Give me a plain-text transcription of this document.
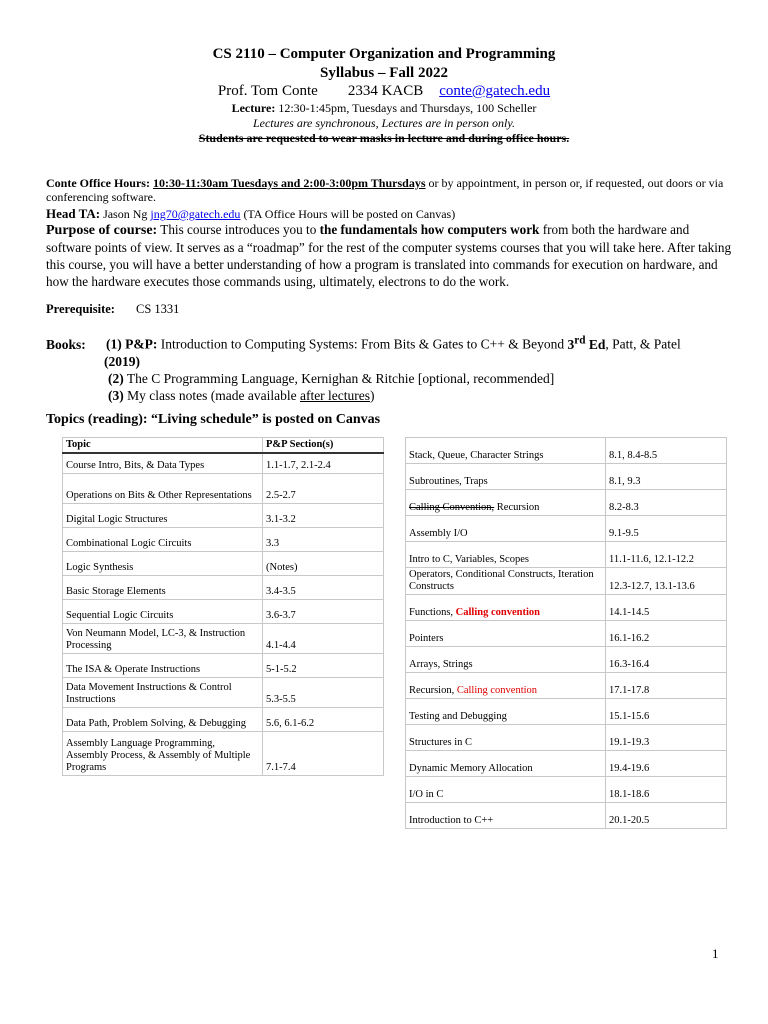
CS 2110 – Computer Organization and Programming
Syllabus – Fall 2022
Prof. Tom Conte 2334 KACB conte@gatech.edu
Lecture: 12:30-1:45pm, Tuesdays and Thursdays, 100 Scheller
Lectures are synchronous, Lectures are in person only.
Students are requested to wear masks in lecture and during office hours.
Conte Office Hours: 10:30-11:30am Tuesdays and 2:00-3:00pm Thursdays or by appointment, in person or, if requested, out doors or via conferencing software.
Head TA: Jason Ng jng70@gatech.edu (TA Office Hours will be posted on Canvas)
Purpose of course: This course introduces you to the fundamentals how computers work from both the hardware and software points of view. It serves as a “roadmap” for the rest of the computer systems courses that you will take here. After taking this course, you will have a better understanding of how a program is translated into commands for execution on hardware, and how the hardware executes those commands using, ultimately, electrons to do the work.
Prerequisite: CS 1331
Books: (1) P&P: Introduction to Computing Systems: From Bits & Gates to C++ & Beyond 3rd Ed, Patt, & Patel
(2019)
(2) The C Programming Language, Kernighan & Ritchie [optional, recommended]
(3) My class notes (made available after lectures)
Topics (reading): “Living schedule” is posted on Canvas
Topic	P&P Section(s)
Course Intro, Bits, & Data Types	1.1-1.7, 2.1-2.4
Operations on Bits & Other Representations	2.5-2.7
Digital Logic Structures	3.1-3.2
Combinational Logic Circuits	3.3
Logic Synthesis	(Notes)
Basic Storage Elements	3.4-3.5
Sequential Logic Circuits	3.6-3.7
Von Neumann Model, LC-3, & Instruction Processing	4.1-4.4
The ISA & Operate Instructions	5-1-5.2
Data Movement Instructions & Control Instructions	5.3-5.5
Data Path, Problem Solving, & Debugging	5.6, 6.1-6.2
Assembly Language Programming, Assembly Process, & Assembly of Multiple Programs	7.1-7.4
Stack, Queue, Character Strings	8.1, 8.4-8.5
Subroutines, Traps	8.1, 9.3
Calling Convention, Recursion	8.2-8.3
Assembly I/O	9.1-9.5
Intro to C, Variables, Scopes	11.1-11.6, 12.1-12.2
Operators, Conditional Constructs, Iteration Constructs	12.3-12.7, 13.1-13.6
Functions, Calling convention	14.1-14.5
Pointers	16.1-16.2
Arrays, Strings	16.3-16.4
Recursion, Calling convention	17.1-17.8
Testing and Debugging	15.1-15.6
Structures in C	19.1-19.3
Dynamic Memory Allocation	19.4-19.6
I/O in C	18.1-18.6
Introduction to C++	20.1-20.5
1
